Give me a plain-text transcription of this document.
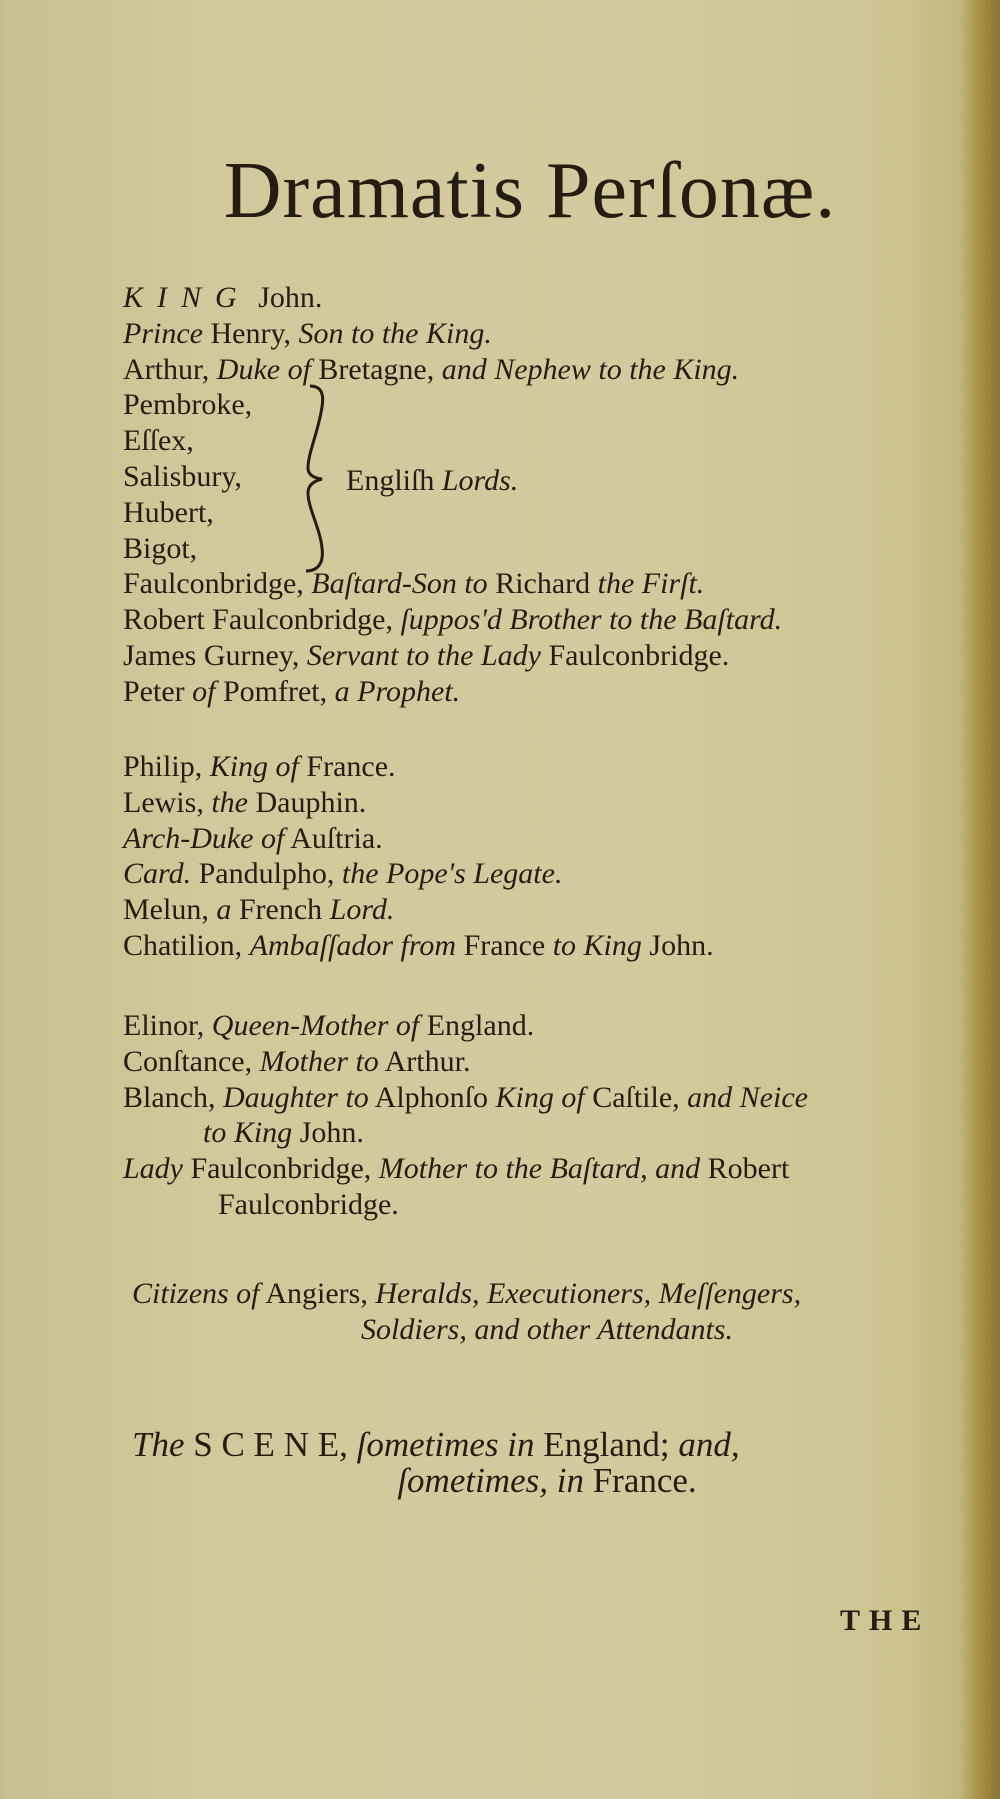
Dramatis Perſonæ.
KING John.
Prince Henry, Son to the King.
Arthur, Duke of Bretagne, and Nephew to the King.
Pembroke,
Eſſex,
Salisbury,
Hubert,
Bigot,
Faulconbridge, Baſtard-Son to Richard the Firſt.
Robert Faulconbridge, ſuppos'd Brother to the Baſtard.
James Gurney, Servant to the Lady Faulconbridge.
Peter of Pomfret, a Prophet.
Engliſh Lords.
Philip, King of France.
Lewis, the Dauphin.
Arch-Duke of Auſtria.
Card. Pandulpho, the Pope's Legate.
Melun, a French Lord.
Chatilion, Ambaſſador from France to King John.
Elinor, Queen-Mother of England.
Conſtance, Mother to Arthur.
Blanch, Daughter to Alphonſo King of Caſtile, and Neice
to King John.
Lady Faulconbridge, Mother to the Baſtard, and Robert
Faulconbridge.
Citizens of Angiers, Heralds, Executioners, Meſſengers,
Soldiers, and other Attendants.
The S C E N E, ſometimes in England; and,
ſometimes, in France.
THE
